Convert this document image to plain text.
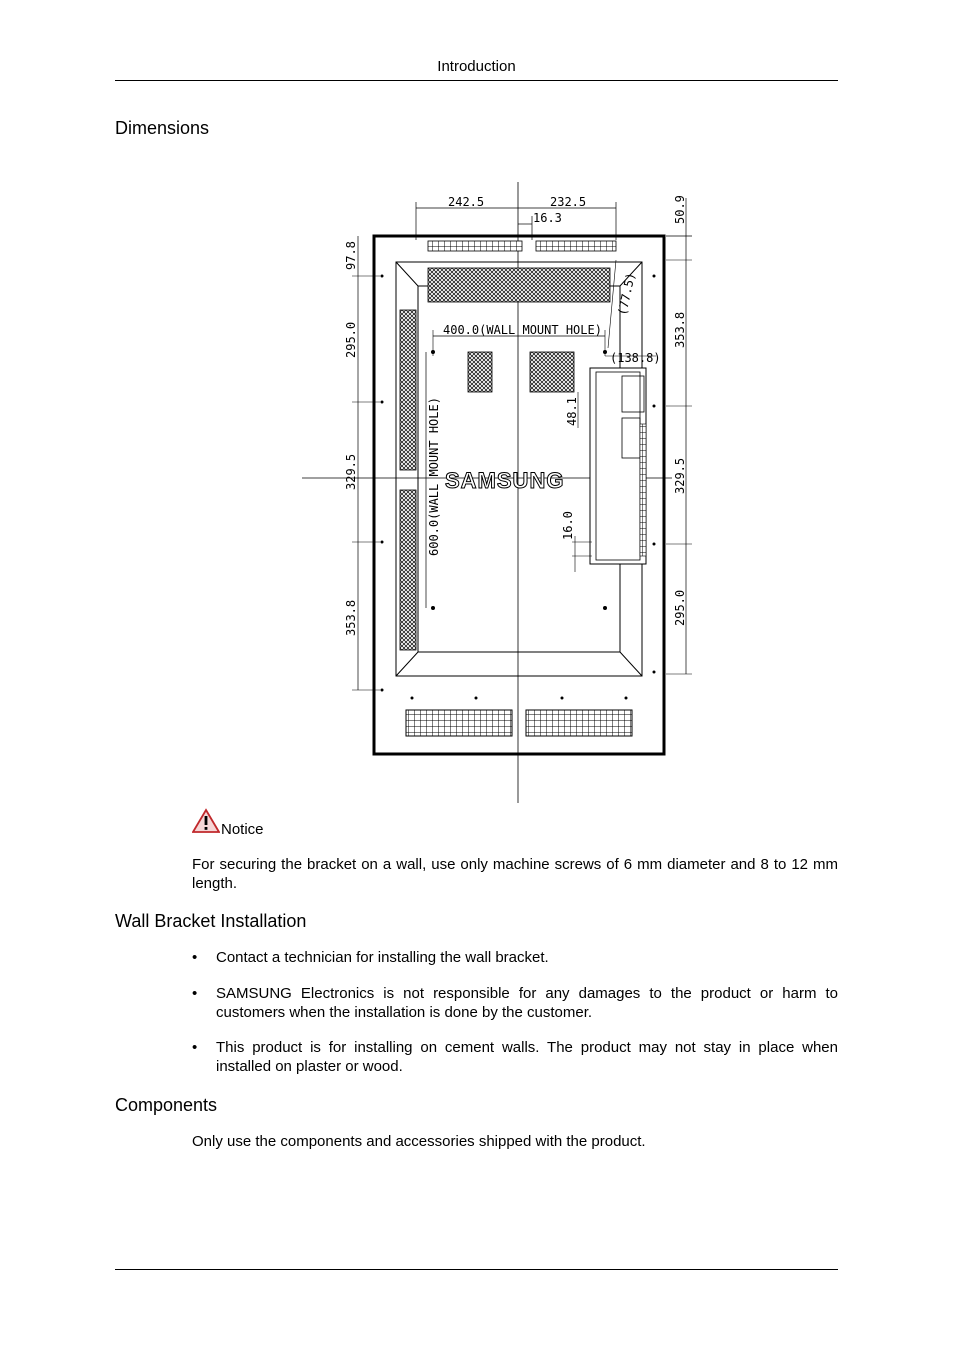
Introduction
Dimensions
242.5	232.5
16.3	50.9
97.8
295.0
329.5
353.8
353.8
329.5
295.0
400.0(WALL MOUNT HOLE)
600.0(WALL MOUNT HOLE)
(77.5)
(138.8)
48.1
16.0
SAMSUNG
Notice
For securing the bracket on a wall, use only machine screws of 6 mm diameter and 8 to 12 mm length.
Wall Bracket Installation
• Contact a technician for installing the wall bracket.
• SAMSUNG Electronics is not responsible for any damages to the product or harm to customers when the installation is done by the customer.
• This product is for installing on cement walls. The product may not stay in place when installed on plaster or wood.
Components
Only use the components and accessories shipped with the product.
